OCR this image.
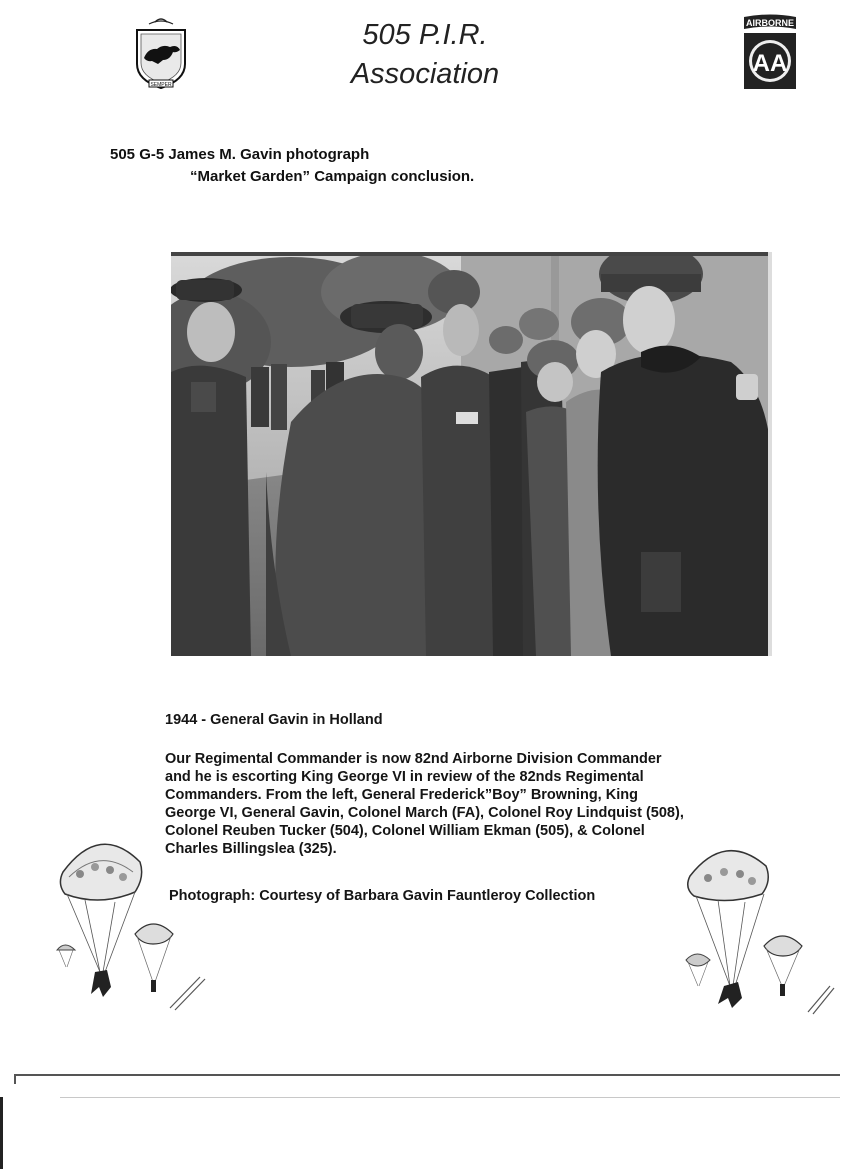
SEMPER
505 P.I.R.
Association
AIRBORNE
AA
505 G-5 James M. Gavin photograph
“Market Garden” Campaign conclusion.
1944 - General Gavin in Holland
Our Regimental Commander is now 82nd Airborne Division Commander
and he is escorting King George VI in review of the 82nds Regimental
Commanders. From the left, General Frederick”Boy” Browning, King
George VI, General Gavin, Colonel March (FA), Colonel Roy Lindquist (508),
Colonel Reuben Tucker (504), Colonel William Ekman (505), & Colonel
Charles Billingslea (325).
Photograph: Courtesy of Barbara Gavin Fauntleroy Collection
